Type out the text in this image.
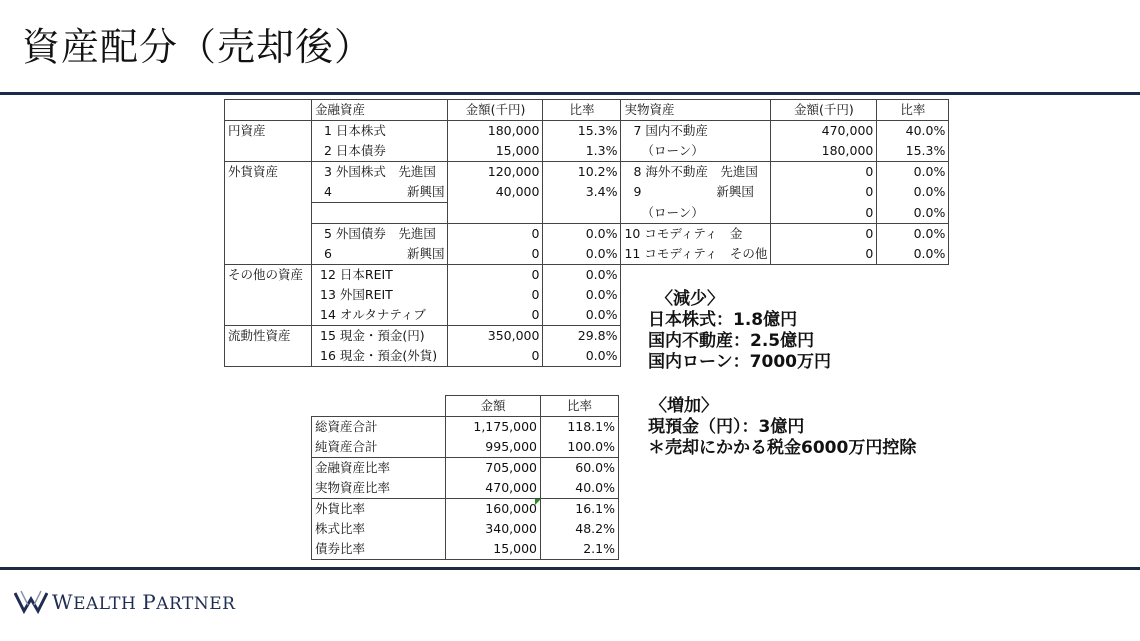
資産配分（売却後）
	金融資産	金額(千円)	比率	実物資産	金額(千円)	比率
円資産	1 日本株式	180,000	15.3%	7 国内不動産	470,000	40.0%
	2 日本債券	15,000	1.3%	（ローン）	180,000	15.3%
外貨資産	3 外国株式　先進国	120,000	10.2%	8 海外不動産　先進国	0	0.0%
	4　　　　　　新興国	40,000	3.4%	9　　　　　　新興国	0	0.0%
				（ローン）	0	0.0%
	5 外国債券　先進国	0	0.0%	10 コモディティ　金	0	0.0%
	6　　　　　　新興国	0	0.0%	11 コモディティ　その他	0	0.0%
その他の資産	12 日本REIT	0	0.0%			
	13 外国REIT	0	0.0%			
	14 オルタナティブ	0	0.0%			
流動性資産	15 現金・預金(円)	350,000	29.8%			
	16 現金・預金(外貨)	0	0.0%			
	金額	比率
総資産合計	1,175,000	118.1%
純資産合計	995,000	100.0%
金融資産比率	705,000	60.0%
実物資産比率	470,000	40.0%
外貨比率	160,000	16.1%
株式比率	340,000	48.2%
債券比率	15,000	2.1%
〈減少〉
日本株式：1.8億円
国内不動産：2.5億円
国内ローン：7000万円
〈増加〉
現預金（円）：3億円
＊売却にかかる税金6000万円控除
WEALTH PARTNER
